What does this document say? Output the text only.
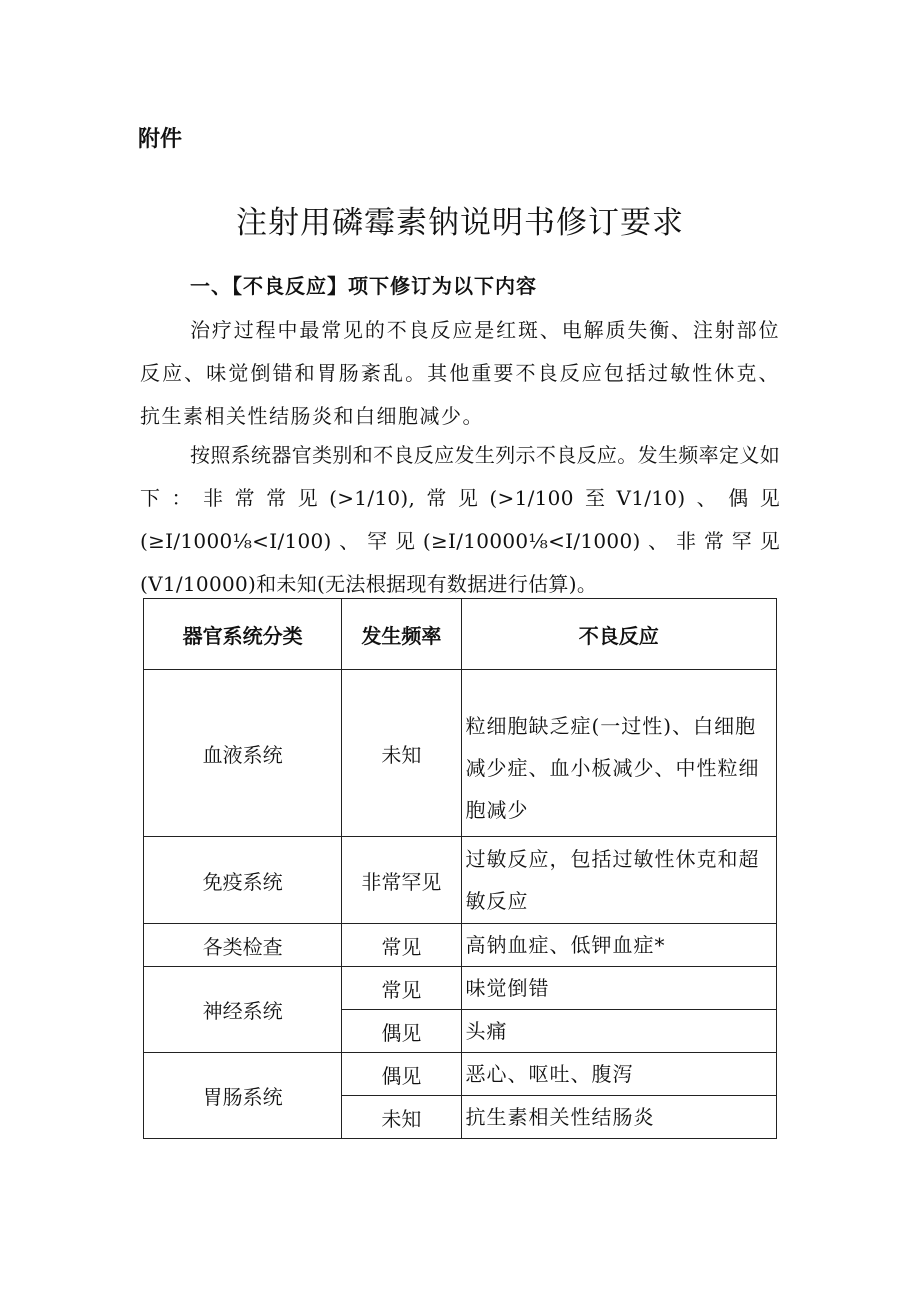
附件
注射用磷霉素钠说明书修订要求
一、【不良反应】项下修订为以下内容
治疗过程中最常见的不良反应是红斑、电解质失衡、注射部位反应、味觉倒错和胃肠紊乱。其他重要不良反应包括过敏性休克、抗生素相关性结肠炎和白细胞减少。
按照系统器官类别和不良反应发生列示不良反应。发生频率定义如下：非常常见(>1/10),常见(>1/100至V1/10)、偶见(≥I/1000⅛<I/100)、罕见(≥I/10000⅛<I/1000)、非常罕见(V1/10000)和未知(无法根据现有数据进行估算)。
器官系统分类	发生频率	不良反应
血液系统	未知	粒细胞缺乏症(一过性)、白细胞减少症、血小板减少、中性粒细胞减少
免疫系统	非常罕见	过敏反应，包括过敏性休克和超敏反应
各类检查	常见	高钠血症、低钾血症*
神经系统	常见	味觉倒错
	偶见	头痛
胃肠系统	偶见	恶心、呕吐、腹泻
	未知	抗生素相关性结肠炎
